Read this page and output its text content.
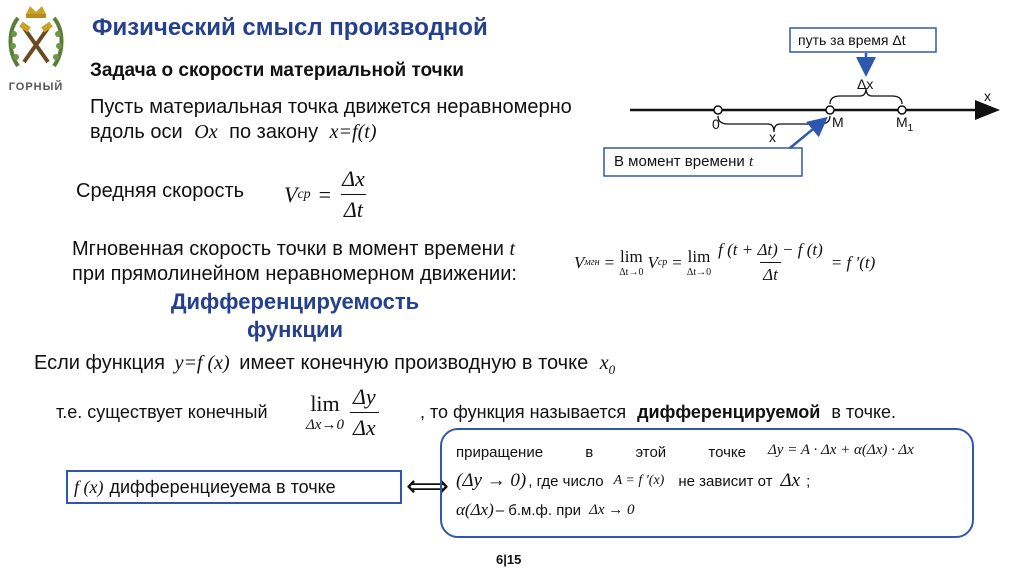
ГОРНЫЙ
Физический смысл производной
Задача о скорости материальной точки
Пусть материальная точка движется неравномерно
вдоль оси Ox по закону x=f(t)
путь за время Δt
В момент времени t
Δx
x
x
0	M	$M_1$
Средняя скорость V ср = $\frac{\Delta x}{\Delta t}$
Мгновенная скорость точки в момент времени t
при прямолинейном неравномерном движении:
V мгн = lim
Δt→0
V ср = lim
$\Delta t\to 0 \frac{f (t + \Delta t) - f (t)}{\Delta t} = f$ ′(t)
Дифференцируемость
функции
Если функция y=f (x) имеет конечную производную в точке $x_0$
т.е. существует конечный lim
$\Delta x\to 0 \frac{\Delta y}{\Delta x}$ , то функция называется дифференцируемой в точке.
f (x) дифференциеуема в точке ⟺
приращение	в	этой	точке Δy = A · Δx + α(Δx) · Δx
(Δy → 0) , где число A = f ′(x) не зависит от Δx ;
α(Δx) – б.м.ф. при Δx → 0
6|15
